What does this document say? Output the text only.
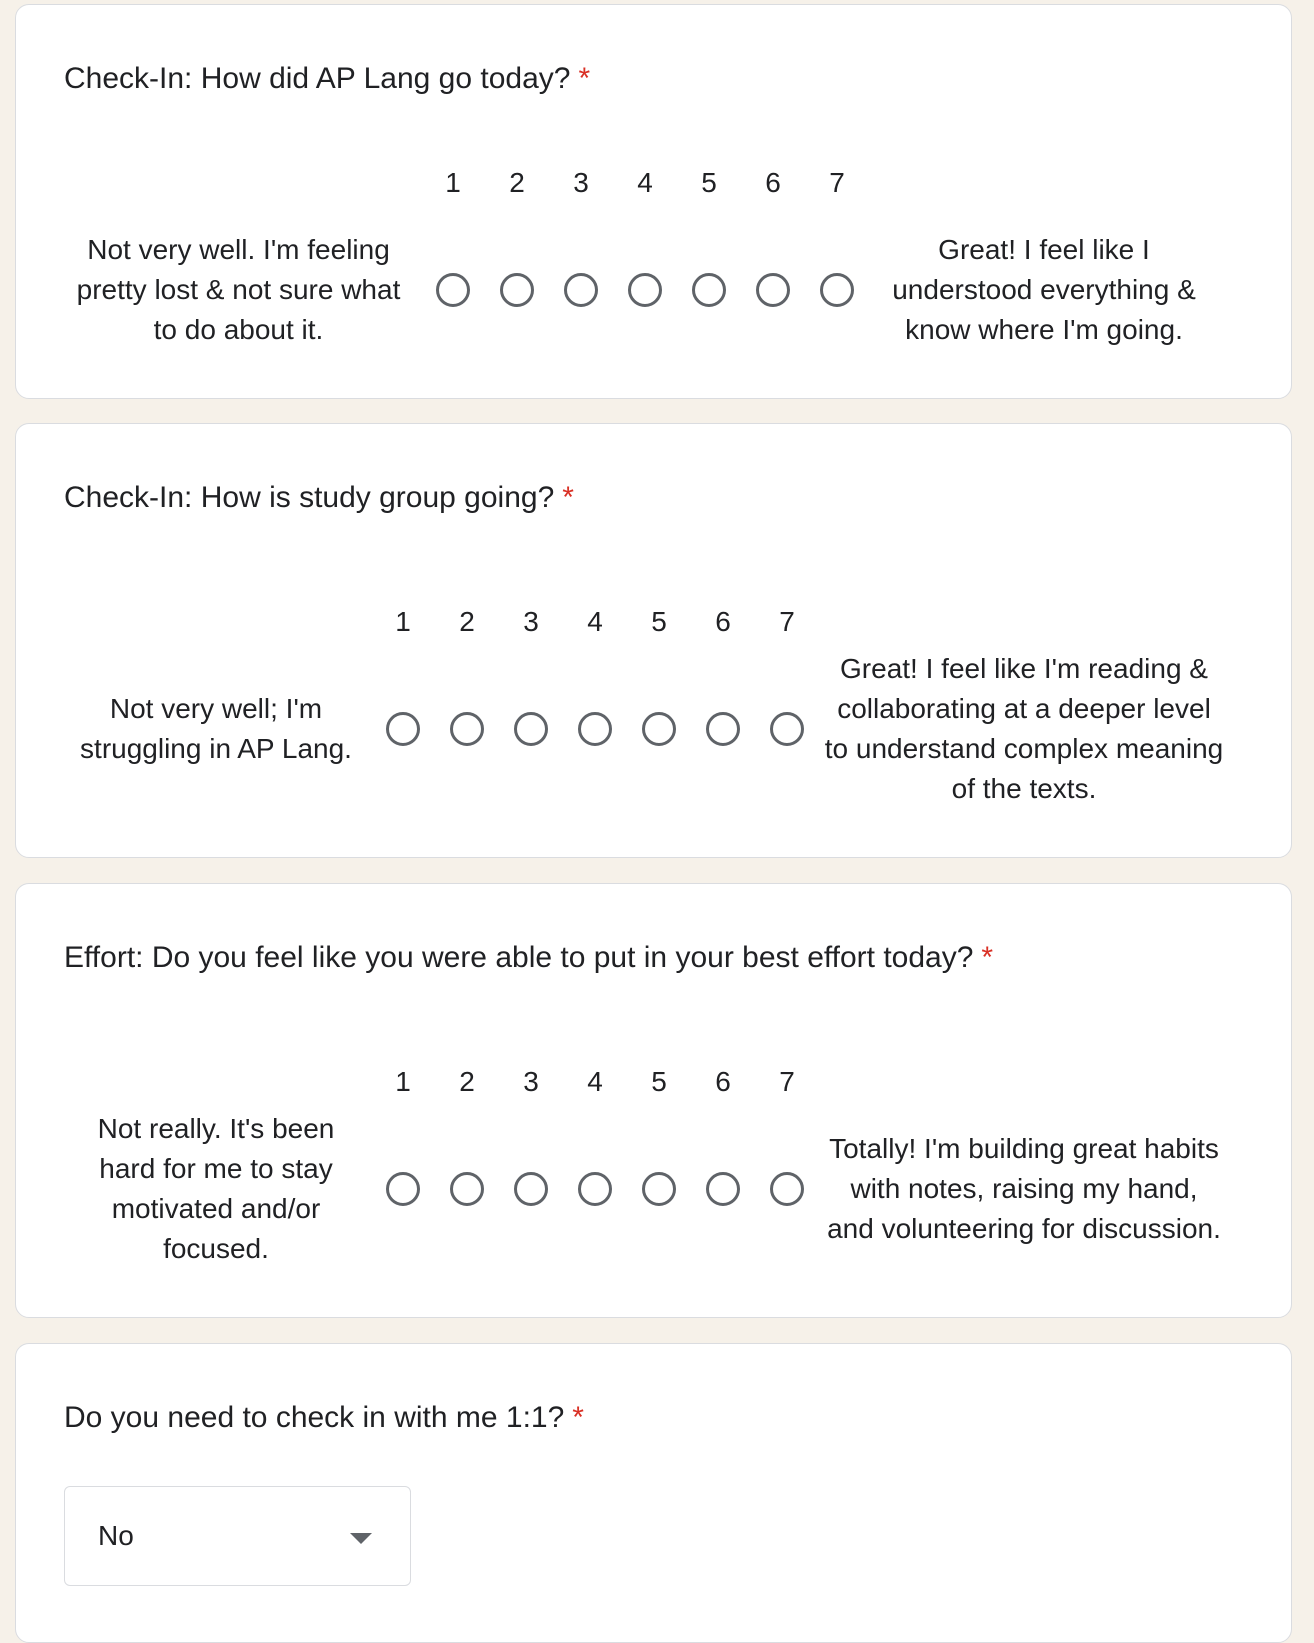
Check-In: How did AP Lang go today? *
Not very well. I'm feeling pretty lost & not sure what to do about it.
1	2	3	4	5	6	7
Great! I feel like I understood everything & know where I'm going.
Check-In: How is study group going? *
Not very well; I'm struggling in AP Lang.
1	2	3	4	5	6	7
Great! I feel like I'm reading & collaborating at a deeper level to understand complex meaning of the texts.
Effort: Do you feel like you were able to put in your best effort today? *
Not really. It's been hard for me to stay motivated and/or focused.
1	2	3	4	5	6	7
Totally! I'm building great habits with notes, raising my hand, and volunteering for discussion.
Do you need to check in with me 1:1? *
No
